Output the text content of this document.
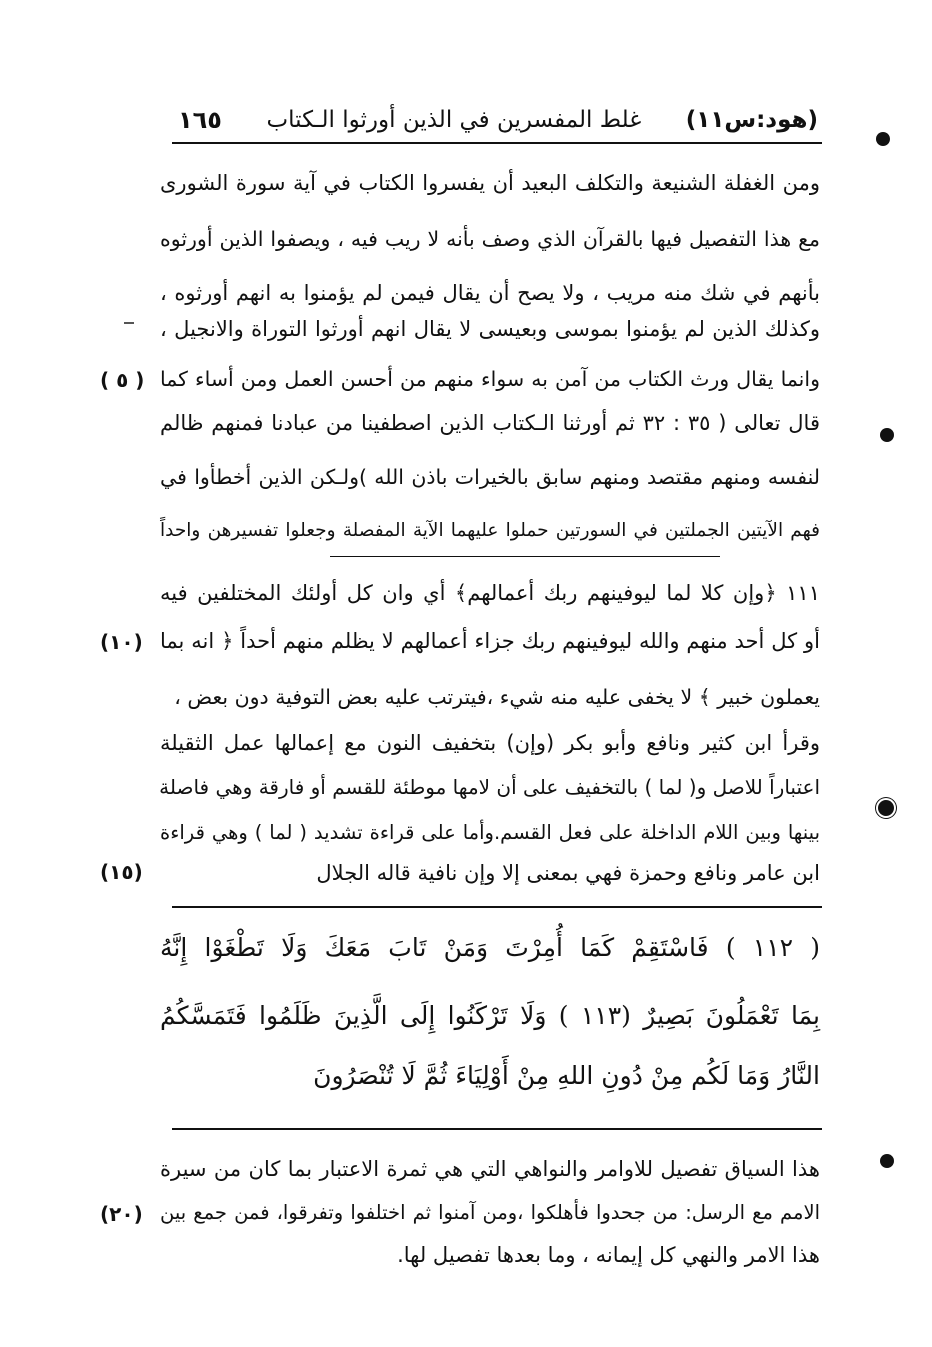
(هود:س١١)
غلط المفسرين في الذين أورثوا الـكتاب
١٦٥
ومن الغفلة الشنيعة والتكلف البعيد أن يفسروا الكتاب في آية سورة الشورى
مع هذا التفصيل فيها بالقرآن الذي وصف بأنه لا ريب فيه ، ويصفوا الذين أورثوه
بأنهم في شك منه مريب ، ولا يصح أن يقال فيمن لم يؤمنوا به انهم أورثوه ،
وكذلك الذين لم يؤمنوا بموسى وبعيسى لا يقال انهم أورثوا التوراة والانجيل ،
وانما يقال ورث الكتاب من آمن به سواء منهم من أحسن العمل ومن أساء كما
قال تعالى ( ٣٥ : ٣٢ ثم أورثنا الـكتاب الذين اصطفينا من عبادنا فمنهم ظالم
لنفسه ومنهم مقتصد ومنهم سابق بالخيرات باذن الله )ولـكن الذين أخطأوا في
فهم الآيتين الجملتين في السورتين حملوا عليهما الآية المفصلة وجعلوا تفسيرهن واحداً
( ٥ )
١١١ ﴿وإن كلا لما ليوفينهم ربك أعمالهم﴾ أي وان كل أولئك المختلفين فيه
أو كل أحد منهم والله ليوفينهم ربك جزاء أعمالهم لا يظلم منهم أحداً ﴿ انه بما
يعملون خبير ﴾ لا يخفى عليه منه شيء ،فيترتب عليه بعض التوفية دون بعض ،
وقرأ ابن كثير ونافع وأبو بكر (وإن) بتخفيف النون مع إعمالها عمل الثقيلة
اعتباراً للاصل و( لما ) بالتخفيف على أن لامها موطئة للقسم أو فارقة وهي فاصلة
بينها وبين اللام الداخلة على فعل القسم.وأما على قراءة تشديد ( لما ) وهي قراءة
ابن عامر ونافع وحمزة فهي بمعنى إلا وإن نافية قاله الجلال
(١٠)
(١٥)
( ١١٢ ) فَاسْتَقِمْ كَمَا أُمِرْتَ وَمَنْ تَابَ مَعَكَ وَلَا تَطْغَوْا إِنَّهُ
بِمَا تَعْمَلُونَ بَصِيرٌ (١١٣ ) وَلَا تَرْكَنُوا إِلَى الَّذِينَ ظَلَمُوا فَتَمَسَّكُمُ
النَّارُ وَمَا لَكُم مِنْ دُونِ اللهِ مِنْ أَوْلِيَاءَ ثُمَّ لَا تُنْصَرُونَ
هذا السياق تفصيل للاوامر والنواهي التي هي ثمرة الاعتبار بما كان من سيرة
الامم مع الرسل: من جحدوا فأهلكوا ،ومن آمنوا ثم اختلفوا وتفرقوا، فمن جمع بين
هذا الامر والنهي كل إيمانه ، وما بعدها تفصيل لها.
(٢٠)
